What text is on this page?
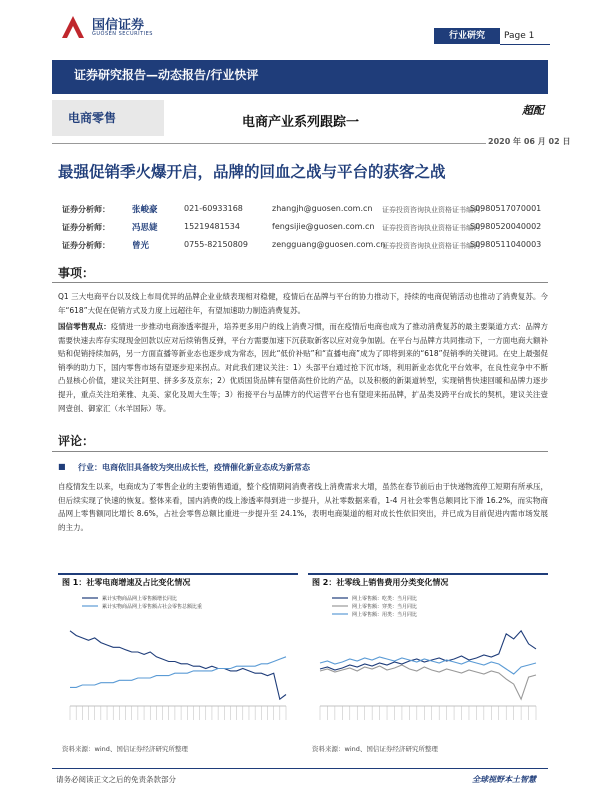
国信证券
GUOSEN SECURITIES	行业研究	Page 1
证券研究报告—动态报告/行业快评
电商零售	电商产业系列跟踪一
超配
2020 年 06 月 02 日
最强促销季火爆开启，品牌的回血之战与平台的获客之战
证券分析师：	张峻豪	021-60933168	zhangjh@guosen.com.cn 证券投资咨询执业资格证书编码：
S0980517070001
证券分析师：	冯思婕	15219481534	fengsijie@guosen.com.cn 证券投资咨询执业资格证书编码：
S0980520040002
证券分析师：	曾光	0755-82150809	zengguang@guosen.com.cn
证券投资咨询执业资格证书编码：
S0980511040003
事项：
Q1 三大电商平台以及线上布局优异的品牌企业业绩表现相对稳健，疫情后在品牌与平台的协力推动下，持续的电商促销活动也推动了消费复苏。今年“618”大促在促销方式及力度上远超往年，有望加速助力制造消费复苏。
国信零售观点：疫情进一步推动电商渗透率提升，培养更多用户的线上消费习惯，而在疫情后电商也成为了推动消费复苏的最主要渠道方式：品牌方需要快速去库存实现现金回款以应对后续销售反弹，平台方需要加速下沉获取新客以应对竞争加剧。在平台与品牌方共同推动下，一方面电商大额补贴和促销持续加码，另一方面直播等新业态也逐步成为常态，因此“低价补贴”和“直播电商”成为了即将到来的“618”促销季的关键词。在史上最强促销季的助力下，国内零售市场有望逐步迎来拐点。对此我们建议关注：1）头部平台通过抢下沉市场，利用新业态优化平台效率，在良性竞争中不断凸显核心价值，建议关注阿里、拼多多及京东；2）优质国货品牌有望借高性价比的产品，以及积极的新渠道转型，实现销售快速回暖和品牌力逐步提升，重点关注珀莱雅、丸美、家化及周大生等；3）衔接平台与品牌方的代运营平台也有望迎来拓品牌，扩品类及跨平台成长的契机，建议关注壹网壹创、御家汇（水羊国际）等。
评论：
■ 行业：电商依旧具备较为突出成长性，疫情催化新业态成为新常态
自疫情发生以来，电商成为了零售企业的主要销售通道，整个疫情期间消费者线上消费需求大增，虽然在春节前后由于快递物流停工短期有所承压，但后续实现了快速的恢复。整体来看，国内消费的线上渗透率得到进一步提升，从社零数据来看，1-4 月社会零售总额同比下滑 16.2%，而实物商品网上零售额同比增长 8.6%，占社会零售总额比重进一步提升至 24.1%，表明电商渠道的相对成长性依旧突出，并已成为目前促进内需市场发展的主力。
图 1：社零电商增速及占比变化情况
累计实物商品网上零售额增长同比
累计实物商品网上零售额占社会零售总额比重
资料来源：wind、国信证券经济研究所整理
图 2：社零线上销售费用分类变化情况
网上零售额：吃类：当月同比
网上零售额：穿类：当月同比
网上零售额：用类：当月同比
资料来源：wind、国信证券经济研究所整理
请务必阅读正文之后的免责条款部分	全球视野本土智慧
